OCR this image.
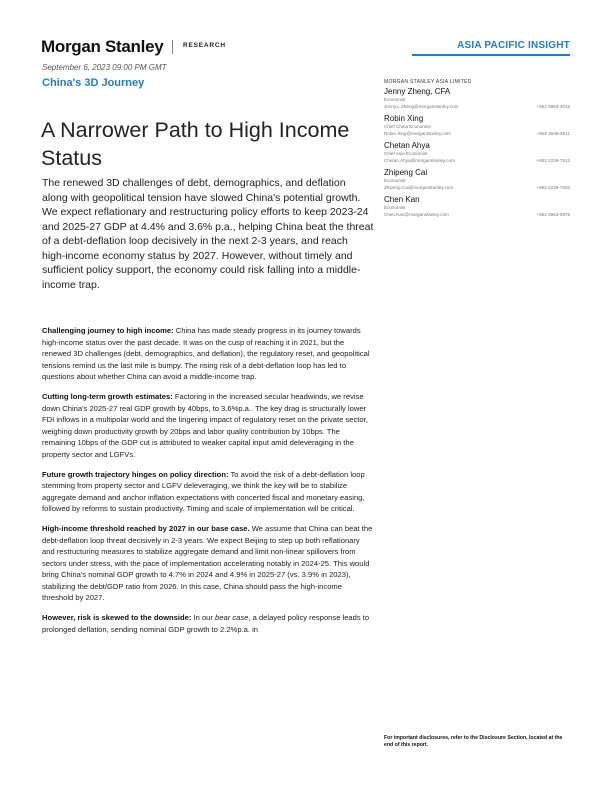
Morgan Stanley	RESEARCH	ASIA PACIFIC INSIGHT
September 6, 2023 09:00 PM GMT
China's 3D Journey
A Narrower Path to High Income Status
The renewed 3D challenges of debt, demographics, and deflation along with geopolitical tension have slowed China's potential growth. We expect reflationary and restructuring policy efforts to keep 2023-24 and 2025-27 GDP at 4.4% and 3.6% p.a., helping China beat the threat of a debt-deflation loop decisively in the next 2-3 years, and reach high-income economy status by 2027. However, without timely and sufficient policy support, the economy could risk falling into a middle-income trap.

Challenging journey to high income: China has made steady progress in its journey towards high-income status over the past decade. It was on the cusp of reaching it in 2021, but the renewed 3D challenges (debt, demographics, and deflation), the regulatory reset, and geopolitical tensions remind us the last mile is bumpy. The rising risk of a debt-deflation loop has led to questions about whether China can avoid a middle-income trap.

Cutting long-term growth estimates: Factoring in the increased secular headwinds, we revise down China's 2025-27 real GDP growth by 40bps, to 3.6%p.a.. The key drag is structurally lower FDI inflows in a multipolar world and the lingering impact of regulatory reset on the private sector, weighing down productivity growth by 20bps and labor quality contribution by 10bps. The remaining 10bps of the GDP cut is attributed to weaker capital input amid deleveraging in the property sector and LGFVs.

Future growth trajectory hinges on policy direction: To avoid the risk of a debt-deflation loop stemming from property sector and LGFV deleveraging, we think the key will be to stabilize aggregate demand and anchor inflation expectations with concerted fiscal and monetary easing, followed by reforms to sustain productivity. Timing and scale of implementation will be critical.

High-income threshold reached by 2027 in our base case. We assume that China can beat the debt-deflation loop threat decisively in 2-3 years. We expect Beijing to step up both reflationary and restructuring measures to stabilize aggregate demand and limit non-linear spillovers from sectors under stress, with the pace of implementation accelerating notably in 2024-25. This would bring China's nominal GDP growth to 4.7% in 2024 and 4.9% in 2025-27 (vs. 3.9% in 2023), stabilizing the debt/GDP ratio from 2026. In this case, China should pass the high-income threshold by 2027.

However, risk is skewed to the downside: In our bear case, a delayed policy response leads to prolonged deflation, sending nominal GDP growth to 2.2%p.a. in

MORGAN STANLEY ASIA LIMITED
Jenny Zheng, CFA
Economist
Jenny.L.Zheng@morganstanley.com	+852 3963-4015
Robin Xing
Chief China Economist
Robin.Xing@morganstanley.com	+852 2848-6511
Chetan Ahya
Chief Asia Economist
Chetan.Ahya@morganstanley.com	+852 2239-7812
Zhipeng Cai
Economist
Zhipeng.Cai@morganstanley.com	+852 2239-7820
Chen Kan
Economist
Chen.Kan@morganstanley.com	+852 3963-0975
For important disclosures, refer to the Disclosure Section, located at the end of this report.
